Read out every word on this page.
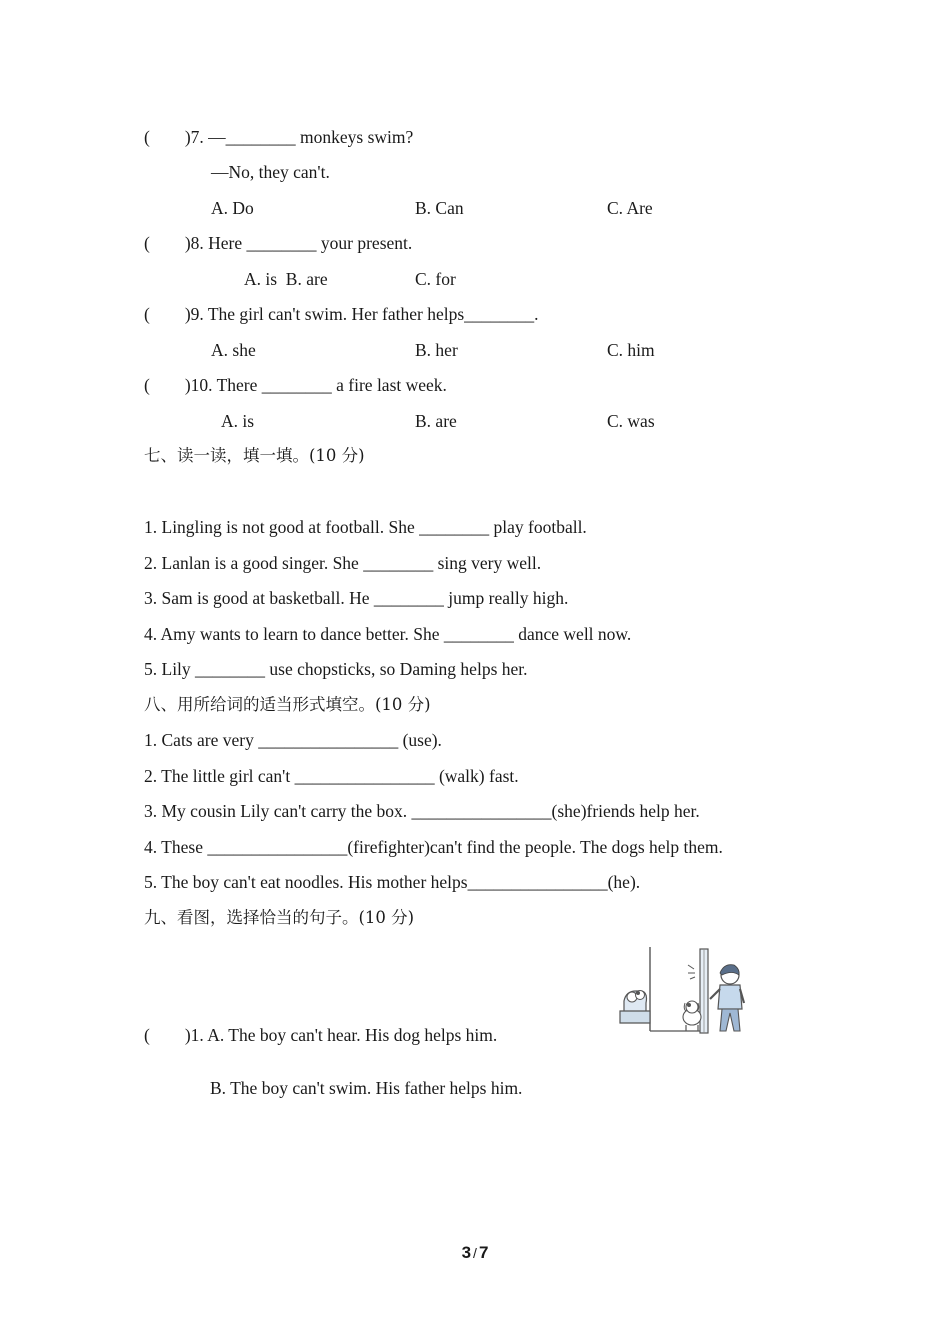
(        )7. —________ monkeys swim?
—No, they can't.
A. Do	B. Can	C. Are
(        )8. Here ________ your present.
A. is  B. are	C. for
(        )9. The girl can't swim. Her father helps________.
A. she	B. her	C. him
(        )10. There ________ a fire last week.
A. is	B. are	C. was
七、读一读，填一填。(10 分)
1. Lingling is not good at football. She ________ play football.
2. Lanlan is a good singer. She ________ sing very well.
3. Sam is good at basketball. He ________ jump really high.
4. Amy wants to learn to dance better. She ________ dance well now.
5. Lily ________ use chopsticks, so Daming helps her.
八、用所给词的适当形式填空。(10 分)
1. Cats are very ________________ (use).
2. The little girl can't ________________ (walk) fast.
3. My cousin Lily can't carry the box. ________________(she)friends help her.
4. These ________________(firefighter)can't find the people. The dogs help them.
5. The boy can't eat noodles. His mother helps________________(he).
九、看图，选择恰当的句子。(10 分)
(        )1. A. The boy can't hear. His dog helps him.
B. The boy can't swim. His father helps him.
3 / 7
